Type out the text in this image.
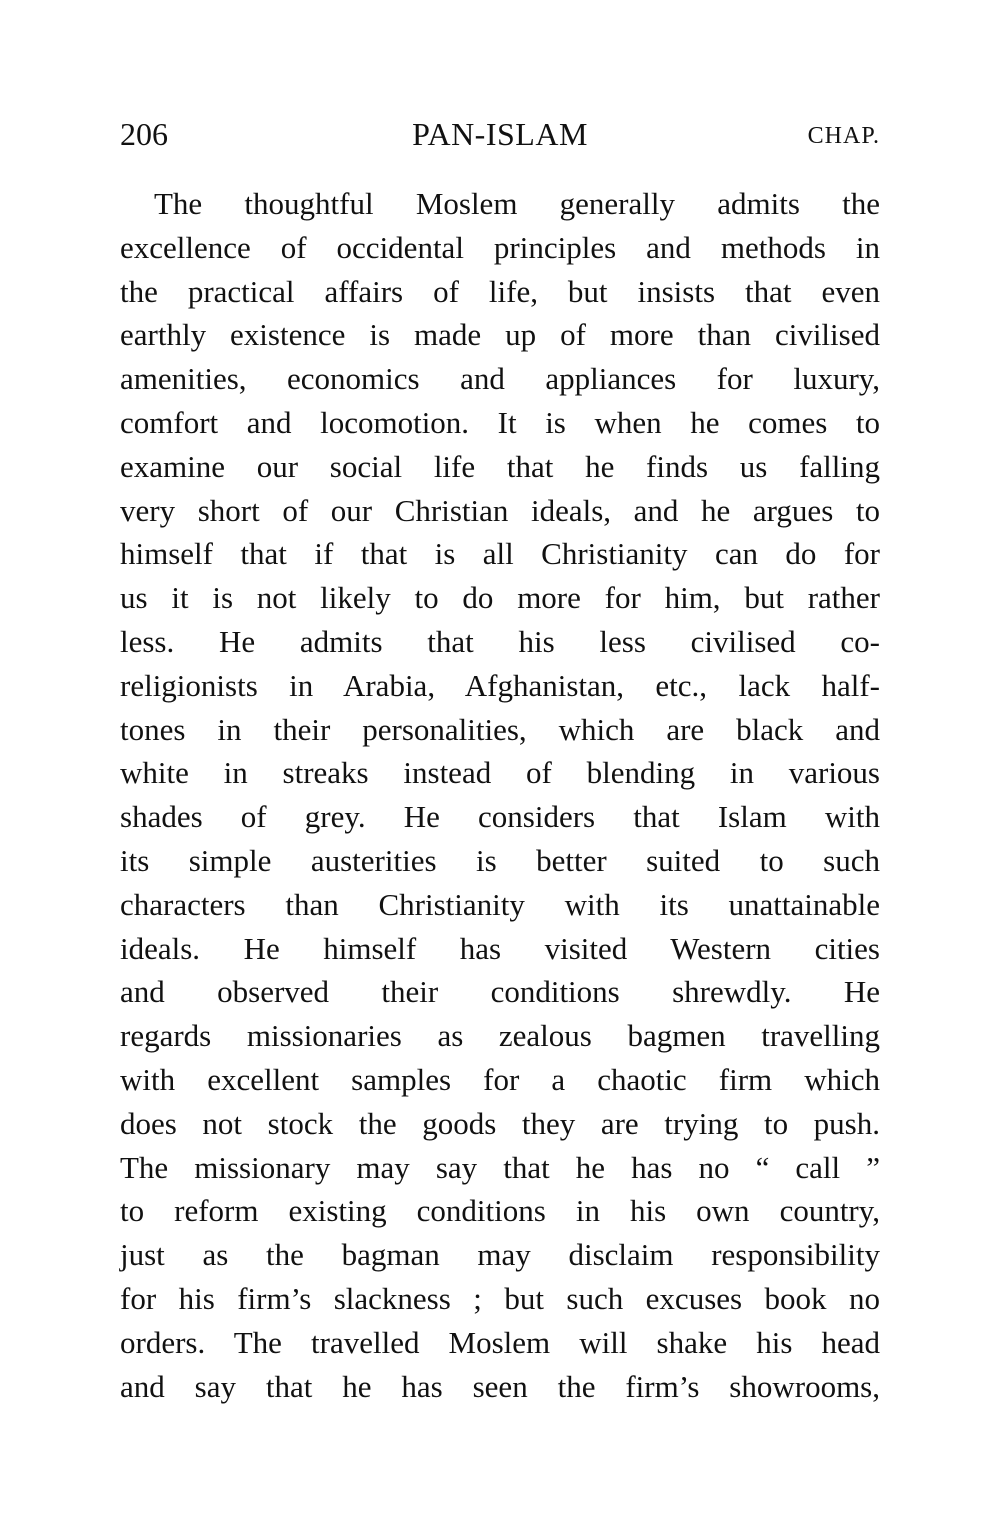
206	PAN-ISLAM	CHAP.
The thoughtful Moslem generally admits the
excellence of occidental principles and methods in
the practical affairs of life, but insists that even
earthly existence is made up of more than civilised
amenities, economics and appliances for luxury,
comfort and locomotion. It is when he comes to
examine our social life that he finds us falling
very short of our Christian ideals, and he argues to
himself that if that is all Christianity can do for
us it is not likely to do more for him, but rather
less. He admits that his less civilised co-
religionists in Arabia, Afghanistan, etc., lack half-
tones in their personalities, which are black and
white in streaks instead of blending in various
shades of grey. He considers that Islam with
its simple austerities is better suited to such
characters than Christianity with its unattainable
ideals. He himself has visited Western cities
and observed their conditions shrewdly. He
regards missionaries as zealous bagmen travelling
with excellent samples for a chaotic firm which
does not stock the goods they are trying to push.
The missionary may say that he has no “ call ”
to reform existing conditions in his own country,
just as the bagman may disclaim responsibility
for his firm’s slackness ; but such excuses book no
orders. The travelled Moslem will shake his head
and say that he has seen the firm’s showrooms,
